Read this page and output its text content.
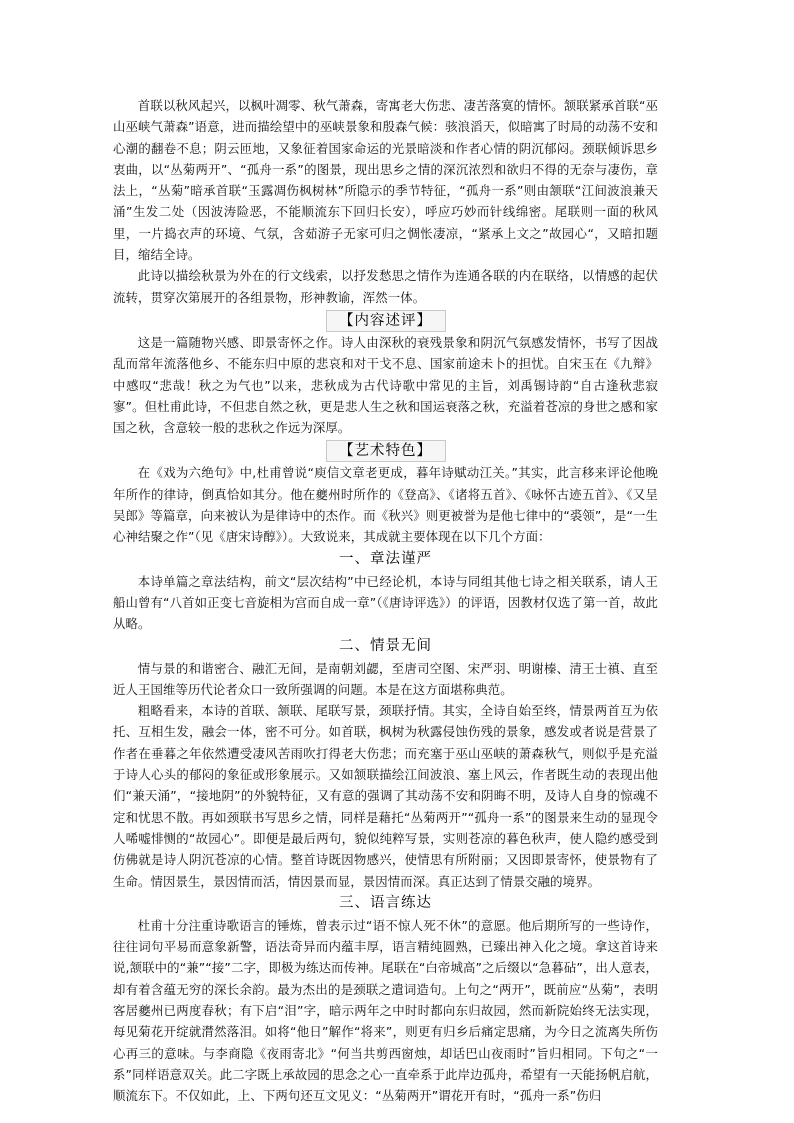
首联以秋风起兴，以枫叶凋零、秋气萧森，寄寓老大伤悲、凄苦落寞的情怀。颔联紧承首联“巫山巫峡气萧森”语意，进而描绘望中的巫峡景象和殷森气候：骇浪滔天，似暗寓了时局的动荡不安和心潮的翻卷不息；阴云匝地，又象征着国家命运的光景暗淡和作者心情的阴沉郁闷。颈联倾诉思乡衷曲，以“丛菊两开”、“孤舟一系”的图景，现出思乡之情的深沉浓烈和欲归不得的无奈与凄伤，章法上，“丛菊”暗承首联“玉露凋伤枫树林”所隐示的季节特征，“孤舟一系”则由颔联“江间波浪兼天涌”生发二处（因波涛险恶，不能顺流东下回归长安），呼应巧妙而针线绵密。尾联则一面的秋风里，一片捣衣声的环境、气氛，含茹游子无家可归之惆怅凄凉，“紧承上文之”故园心“，又暗扣题目，缩结全诗。

此诗以描绘秋景为外在的行文线索，以抒发愁思之情作为连通各联的内在联络，以情感的起伏流转，贯穿次第展开的各组景物，形神教谕，浑然一体。

【内容述评】

这是一篇随物兴感、即景寄怀之作。诗人由深秋的衰残景象和阴沉气氛感发情怀，书写了因战乱而常年流落他乡、不能东归中原的悲哀和对干戈不息、国家前途未卜的担忧。自宋玉在《九辩》中感叹“悲哉！秋之为气也”以来，悲秋成为古代诗歌中常见的主旨，刘禹锡诗韵“自古逢秋悲寂寥”。但杜甫此诗，不但悲自然之秋，更是悲人生之秋和国运衰落之秋，充溢着苍凉的身世之感和家国之秋，含意较一般的悲秋之作远为深厚。

【艺术特色】

在《戏为六绝句》中,杜甫曾说“庾信文章老更成，暮年诗赋动江关。”其实，此言移来评论他晚年所作的律诗，倒真恰如其分。他在夔州时所作的《登高》、《诸将五首》、《咏怀古迹五首》、《又呈吴郎》等篇章，向来被认为是律诗中的杰作。而《秋兴》则更被誉为是他七律中的“裘领”，是“一生心神结聚之作”（见《唐宋诗醇》）。大致说来，其成就主要体现在以下几个方面：

一、章法谨严

本诗单篇之章法结构，前文“层次结构”中已经论机，本诗与同组其他七诗之相关联系，请人王船山曾有“八首如正变七音旋相为宫而自成一章”（《唐诗评选》）的评语，因教材仅选了第一首，故此从略。

二、情景无间

情与景的和谐密合、融汇无间，是南朝刘勰，至唐司空图、宋严羽、明谢榛、清王士禛、直至近人王国维等历代论者众口一致所强调的问题。本是在这方面堪称典范。

粗略看来，本诗的首联、颔联、尾联写景，颈联抒情。其实，全诗自始至终，情景两首互为依托、互相生发，融会一体，密不可分。如首联，枫树为秋露侵蚀伤残的景象，感发或者说是营景了作者在垂暮之年依然遭受凄风苦雨吹打得老大伤悲；而充塞于巫山巫峡的萧森秋气，则似乎是充溢于诗人心头的郁闷的象征或形象展示。又如颔联描绘江间波浪、塞上风云，作者既生动的表现出他们“兼天涌”，“接地阴”的外貌特征，又有意的强调了其动荡不安和阴晦不明，及诗人自身的惊魂不定和忧思不散。再如颈联书写思乡之情，同样是藉托“丛菊两开”“孤舟一系”的图景来生动的显现令人唏嘘悱恻的“故园心”。即便是最后两句，貌似纯粹写景，实则苍凉的暮色秋声，使人隐约感受到仿佛就是诗人阴沉苍凉的心情。整首诗既因物感兴，使情思有所附丽；又因即景寄怀，使景物有了生命。情因景生，景因情而活，情因景而显，景因情而深。真正达到了情景交融的境界。

三、语言练达

杜甫十分注重诗歌语言的锤炼，曾表示过“语不惊人死不休”的意愿。他后期所写的一些诗作，往往词句平易而意象新警，语法奇异而内蕴丰厚，语言精纯圆熟，已臻出神入化之境。拿这首诗来说,颔联中的“兼”“接”二字，即极为练达而传神。尾联在“白帝城高”之后缀以“急暮砧”，出人意表，却有着含蕴无穷的深长余韵。最为杰出的是颈联之遣词造句。上句之“两开”，既前应“丛菊”，表明客居夔州已两度春秋；有下启“泪”字，暗示两年之中时时都向东归故园，然而新院始终无法实现，每见菊花开绽就潸然落泪。如将“他日”解作“将来”，则更有归乡后痛定思痛，为今日之流离失所伤心再三的意味。与李商隐《夜雨寄北》“何当共剪西窗烛，却话巴山夜雨时”旨归相同。下句之“一系”同样语意双关。此二字既上承故园的思念之心一直牵系于此岸边孤舟，希望有一天能扬帆启航，顺流东下。不仅如此，上、下两句还互文见义：“丛菊两开”谓花开有时，“孤舟一系”伤归
